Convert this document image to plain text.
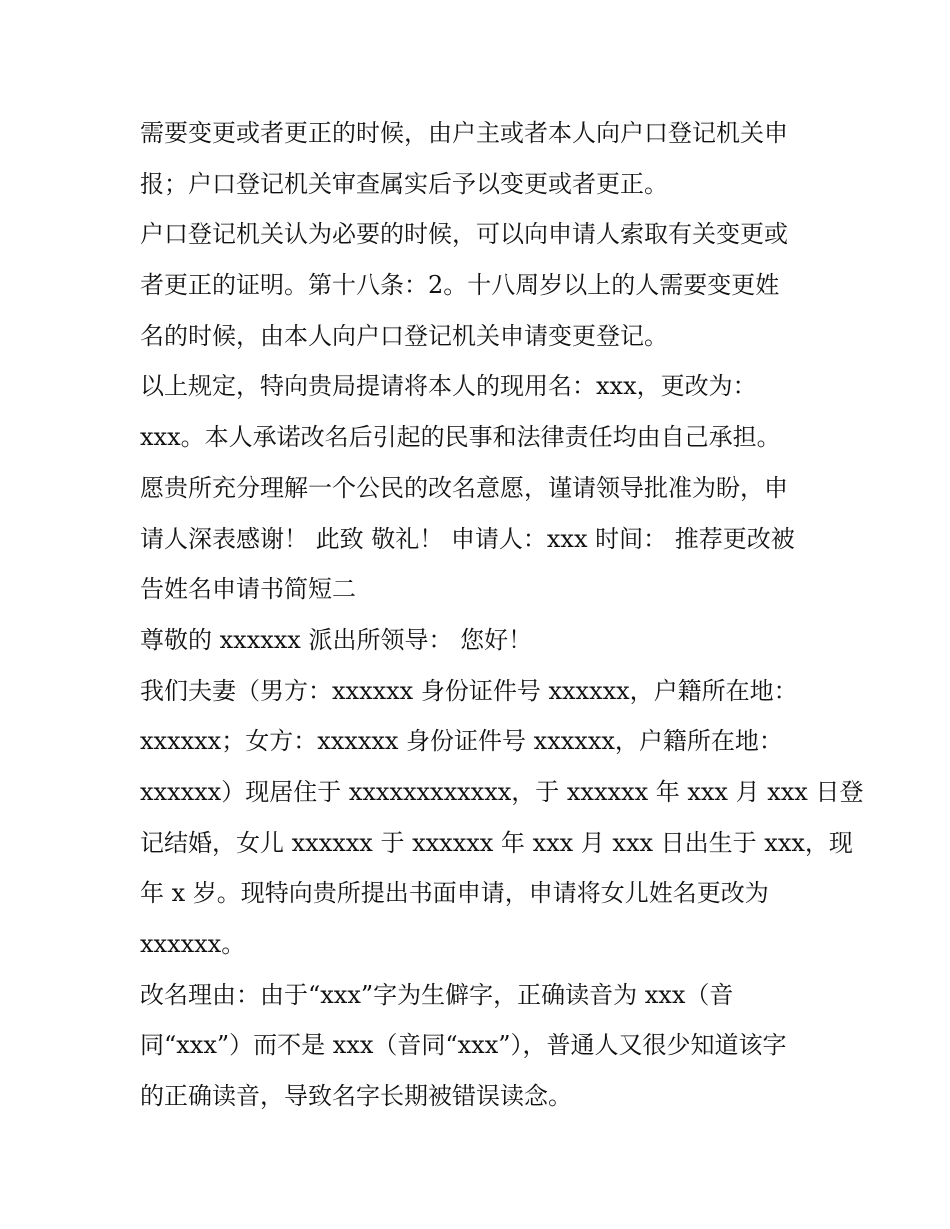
需要变更或者更正的时候，由户主或者本人向户口登记机关申
报；户口登记机关审查属实后予以变更或者更正。
户口登记机关认为必要的时候，可以向申请人索取有关变更或
者更正的证明。第十八条：2。十八周岁以上的人需要变更姓
名的时候，由本人向户口登记机关申请变更登记。
以上规定，特向贵局提请将本人的现用名：xxx，更改为：
xxx。本人承诺改名后引起的民事和法律责任均由自己承担。
愿贵所充分理解一个公民的改名意愿，谨请领导批准为盼，申
请人深表感谢！ 此致 敬礼！ 申请人：xxx 时间： 推荐更改被
告姓名申请书简短二
尊敬的 xxxxxx 派出所领导： 您好！
我们夫妻（男方：xxxxxx 身份证件号 xxxxxx，户籍所在地：
xxxxxx；女方：xxxxxx 身份证件号 xxxxxx，户籍所在地：
xxxxxx）现居住于 xxxxxxxxxxxx，于 xxxxxx 年 xxx 月 xxx 日登
记结婚，女儿 xxxxxx 于 xxxxxx 年 xxx 月 xxx 日出生于 xxx，现
年 x 岁。现特向贵所提出书面申请，申请将女儿姓名更改为
xxxxxx。
改名理由：由于“xxx”字为生僻字，正确读音为 xxx（音
同“xxx”）而不是 xxx（音同“xxx”），普通人又很少知道该字
的正确读音，导致名字长期被错误读念。
